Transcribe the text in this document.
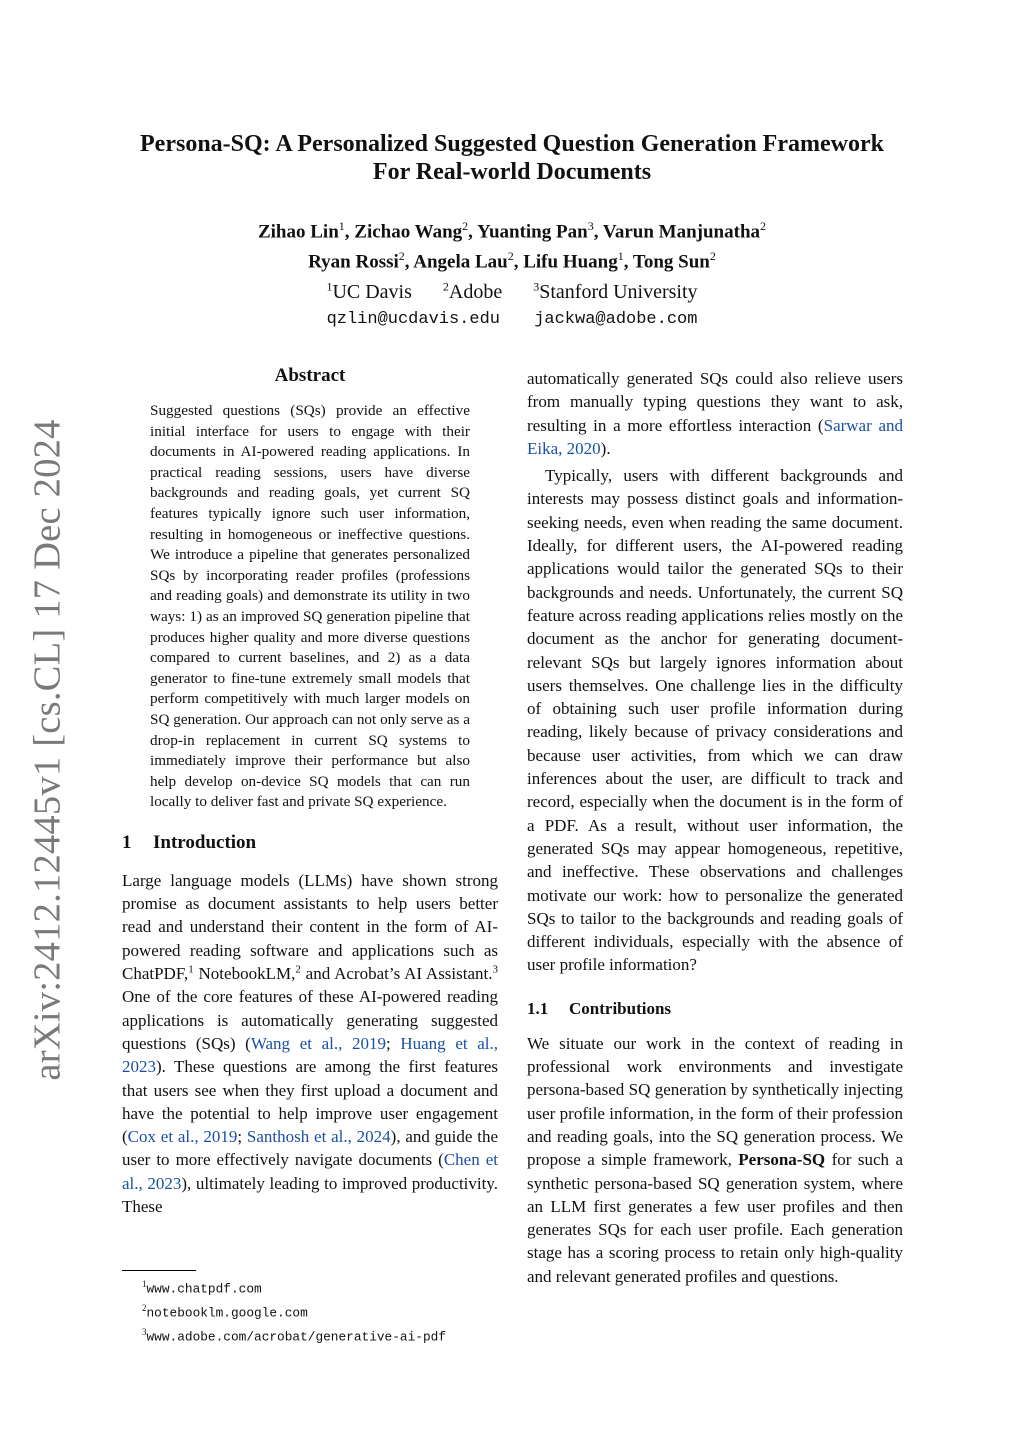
arXiv:2412.12445v1 [cs.CL] 17 Dec 2024

Persona-SQ: A Personalized Suggested Question Generation Framework

For Real-world Documents

Zihao Lin$^1$, Zichao Wang$^2$, Yuanting Pan$^3$, Varun Manjunatha$^2$
Ryan Rossi$^2$, Angela Lau$^2$, Lifu Huang$^1$, Tong Sun$^2$
$^1$UC Davis	$^2$Adobe	$^3$Stanford University
qzlin@ucdavis.edu jackwa@adobe.com

Abstract

Suggested questions (SQs) provide an effective initial interface for users to engage with their documents in AI-powered reading applications. In practical reading sessions, users have diverse backgrounds and reading goals, yet current SQ features typically ignore such user information, resulting in homogeneous or ineffective questions. We introduce a pipeline that generates personalized SQs by incorporating reader profiles (professions and reading goals) and demonstrate its utility in two ways: 1) as an improved SQ generation pipeline that produces higher quality and more diverse questions compared to current baselines, and 2) as a data generator to fine-tune extremely small models that perform competitively with much larger models on SQ generation. Our approach can not only serve as a drop-in replacement in current SQ systems to immediately improve their performance but also help develop on-device SQ models that can run locally to deliver fast and private SQ experience.

1 Introduction

Large language models (LLMs) have shown strong promise as document assistants to help users better read and understand their content in the form of AI-powered reading software and applications such as ChatPDF,$^1$ NotebookLM,$^2$ and Acrobat’s AI Assistant.$^3$ One of the core features of these AI-powered reading applications is automatically generating suggested questions (SQs) (Wang et al., 2019; Huang et al., 2023). These questions are among the first features that users see when they first upload a document and have the potential to help improve user engagement (Cox et al., 2019; Santhosh et al., 2024), and guide the user to more effectively navigate documents (Chen et al., 2023), ultimately leading to improved productivity. These

automatically generated SQs could also relieve users from manually typing questions they want to ask, resulting in a more effortless interaction (Sarwar and Eika, 2020).

Typically, users with different backgrounds and interests may possess distinct goals and information-seeking needs, even when reading the same document. Ideally, for different users, the AI-powered reading applications would tailor the generated SQs to their backgrounds and needs. Unfortunately, the current SQ feature across reading applications relies mostly on the document as the anchor for generating document-relevant SQs but largely ignores information about users themselves. One challenge lies in the difficulty of obtaining such user profile information during reading, likely because of privacy considerations and because user activities, from which we can draw inferences about the user, are difficult to track and record, especially when the document is in the form of a PDF. As a result, without user information, the generated SQs may appear homogeneous, repetitive, and ineffective. These observations and challenges motivate our work: how to personalize the generated SQs to tailor to the backgrounds and reading goals of different individuals, especially with the absence of user profile information?

1.1 Contributions

We situate our work in the context of reading in professional work environments and investigate persona-based SQ generation by synthetically injecting user profile information, in the form of their profession and reading goals, into the SQ generation process. We propose a simple framework, Persona-SQ for such a synthetic persona-based SQ generation system, where an LLM first generates a few user profiles and then generates SQs for each user profile. Each generation stage has a scoring process to retain only high-quality and relevant generated profiles and questions.

$^1$www.chatpdf.com
$^2$notebooklm.google.com
$^3$www.adobe.com/acrobat/generative-ai-pdf
